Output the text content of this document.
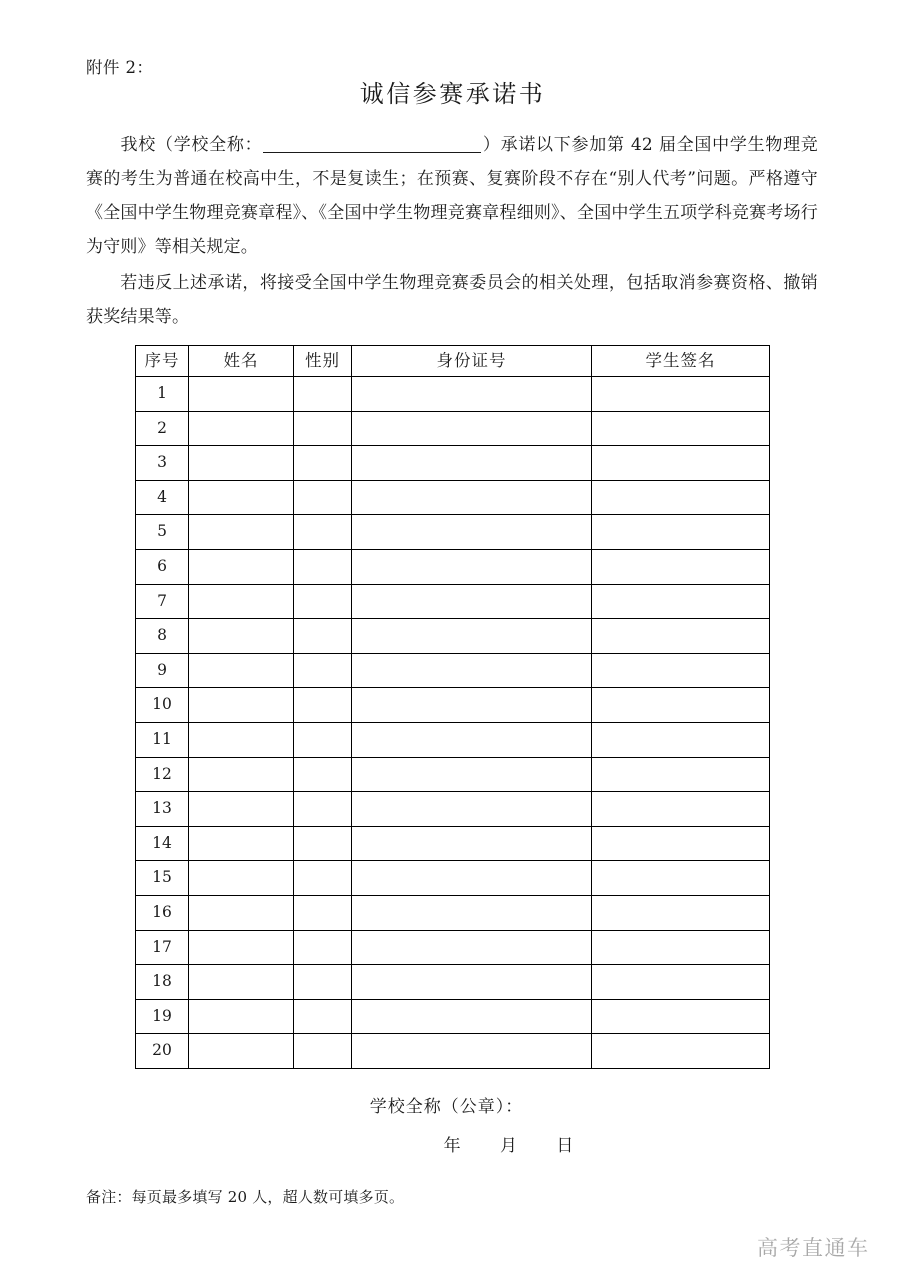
附件 2：
诚信参赛承诺书

我校（学校全称：	）承诺以下参加第 42 届全国中学生物理竞赛的考生为普通在校高中生，不是复读生；在预赛、复赛阶段不存在“别人代考”问题。严格遵守《全国中学生物理竞赛章程》、《全国中学生物理竞赛章程细则》、全国中学生五项学科竞赛考场行为守则》等相关规定。

若违反上述承诺，将接受全国中学生物理竞赛委员会的相关处理，包括取消参赛资格、撤销获奖结果等。

序号	姓名	性别	身份证号	学生签名
1				
2				
3				
4				
5				
6				
7				
8				
9				
10				
11				
12				
13				
14				
15				
16				
17				
18				
19				
20				
学校全称（公章）：
年 月 日
备注：每页最多填写 20 人，超人数可填多页。
高考直通车
